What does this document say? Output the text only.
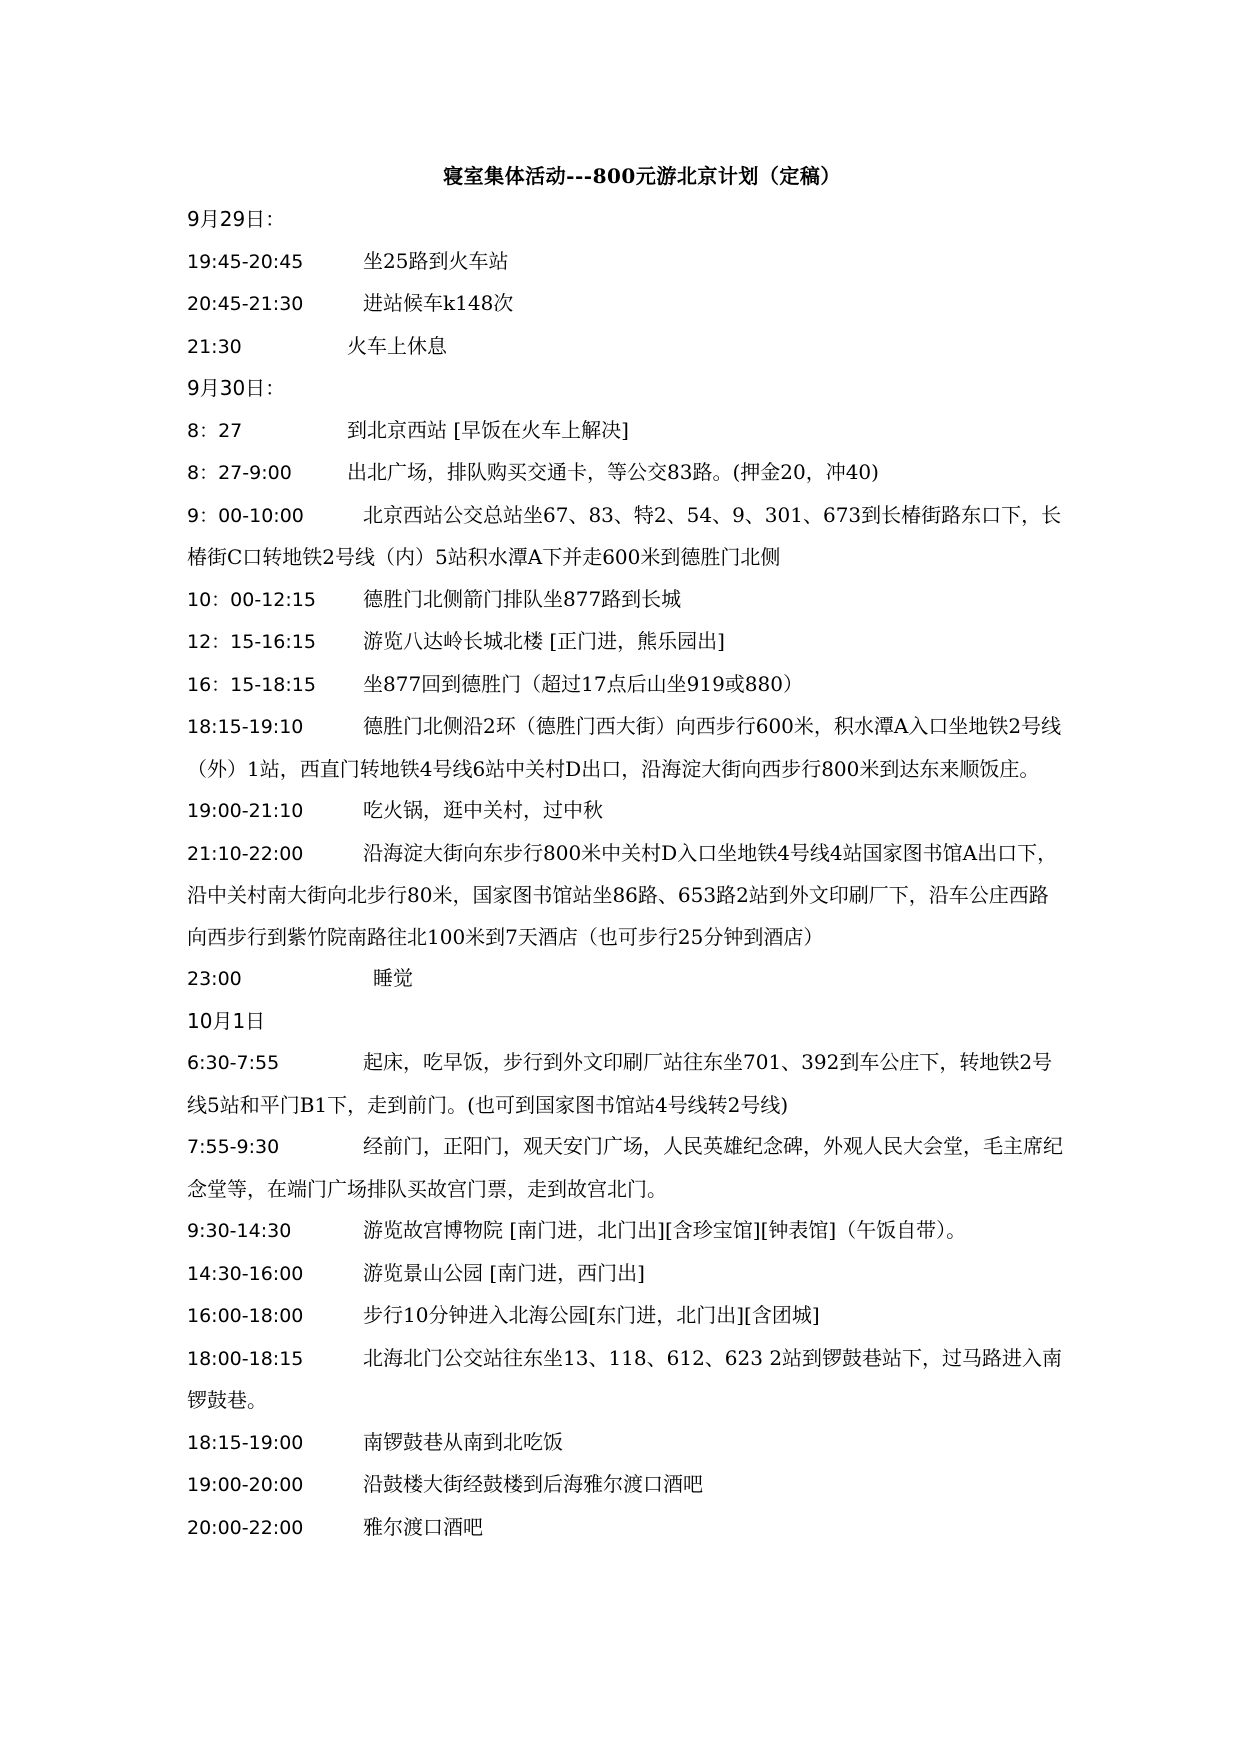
寝室集体活动---800元游北京计划（定稿）
9月29日：
19:45-20:45	坐25路到火车站
20:45-21:30	进站候车k148次
21:30	火车上休息
9月30日：
8：27	到北京西站 [早饭在火车上解决]
8：27-9:00	出北广场，排队购买交通卡，等公交83路。(押金20，冲40)
9：00-10:00	北京西站公交总站坐67、83、特2、54、9、301、673到长椿街路东口下，长椿街C口转地铁2号线（内）5站积水潭A下并走600米到德胜门北侧
10：00-12:15 德胜门北侧箭门排队坐877路到长城
12：15-16:15 游览八达岭长城北楼 [正门进，熊乐园出]
16：15-18:15 坐877回到德胜门（超过17点后山坐919或880）
18:15-19:10	德胜门北侧沿2环（德胜门西大街）向西步行600米，积水潭A入口坐地铁2号线（外）1站，西直门转地铁4号线6站中关村D出口，沿海淀大街向西步行800米到达东来顺饭庄。
19:00-21:10	吃火锅，逛中关村，过中秋
21:10-22:00	沿海淀大街向东步行800米中关村D入口坐地铁4号线4站国家图书馆A出口下，沿中关村南大街向北步行80米，国家图书馆站坐86路、653路2站到外文印刷厂下，沿车公庄西路向西步行到紫竹院南路往北100米到7天酒店（也可步行25分钟到酒店）
23:00	睡觉
10月1日
6:30-7:55	起床，吃早饭，步行到外文印刷厂站往东坐701、392到车公庄下，转地铁2号线5站和平门B1下，走到前门。(也可到国家图书馆站4号线转2号线)
7:55-9:30	经前门，正阳门，观天安门广场，人民英雄纪念碑，外观人民大会堂，毛主席纪念堂等，在端门广场排队买故宫门票，走到故宫北门。
9:30-14:30	游览故宫博物院 [南门进，北门出][含珍宝馆][钟表馆]（午饭自带）。
14:30-16:00	游览景山公园 [南门进，西门出]
16:00-18:00	步行10分钟进入北海公园[东门进，北门出][含团城]
18:00-18:15	北海北门公交站往东坐13、118、612、623 2站到锣鼓巷站下，过马路进入南锣鼓巷。
18:15-19:00	南锣鼓巷从南到北吃饭
19:00-20:00	沿鼓楼大街经鼓楼到后海雅尔渡口酒吧
20:00-22:00	雅尔渡口酒吧
